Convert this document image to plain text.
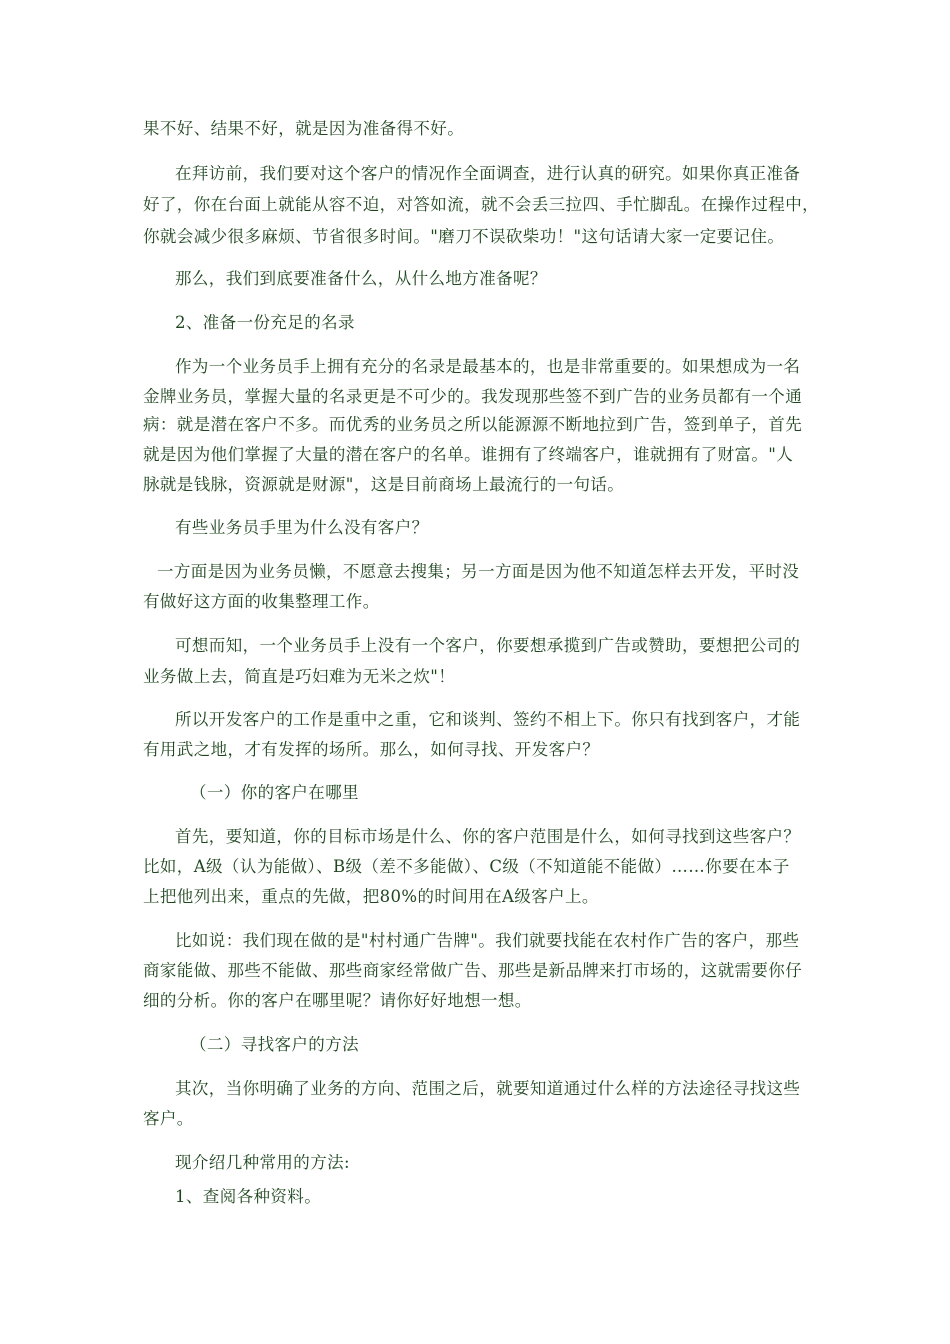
果不好、结果不好，就是因为准备得不好。
在拜访前，我们要对这个客户的情况作全面调查，进行认真的研究。如果你真正准备
好了，你在台面上就能从容不迫，对答如流，就不会丢三拉四、手忙脚乱。在操作过程中，
你就会减少很多麻烦、节省很多时间。"磨刀不误砍柴功！"这句话请大家一定要记住。
那么，我们到底要准备什么，从什么地方准备呢？
2、准备一份充足的名录
作为一个业务员手上拥有充分的名录是最基本的，也是非常重要的。如果想成为一名
金牌业务员，掌握大量的名录更是不可少的。我发现那些签不到广告的业务员都有一个通
病：就是潜在客户不多。而优秀的业务员之所以能源源不断地拉到广告，签到单子，首先
就是因为他们掌握了大量的潜在客户的名单。谁拥有了终端客户，谁就拥有了财富。"人
脉就是钱脉，资源就是财源"，这是目前商场上最流行的一句话。
有些业务员手里为什么没有客户？
一方面是因为业务员懒，不愿意去搜集；另一方面是因为他不知道怎样去开发，平时没
有做好这方面的收集整理工作。
可想而知，一个业务员手上没有一个客户，你要想承揽到广告或赞助，要想把公司的
业务做上去，简直是巧妇难为无米之炊"！
所以开发客户的工作是重中之重，它和谈判、签约不相上下。你只有找到客户，才能
有用武之地，才有发挥的场所。那么，如何寻找、开发客户？
（一）你的客户在哪里
首先，要知道，你的目标市场是什么、你的客户范围是什么，如何寻找到这些客户？
比如，A级（认为能做）、B级（差不多能做）、C级（不知道能不能做）……你要在本子
上把他列出来，重点的先做，把80%的时间用在A级客户上。
比如说：我们现在做的是"村村通广告牌"。我们就要找能在农村作广告的客户，那些
商家能做、那些不能做、那些商家经常做广告、那些是新品牌来打市场的，这就需要你仔
细的分析。你的客户在哪里呢？请你好好地想一想。
（二）寻找客户的方法
其次，当你明确了业务的方向、范围之后，就要知道通过什么样的方法途径寻找这些
客户。
现介绍几种常用的方法:
1、查阅各种资料。
